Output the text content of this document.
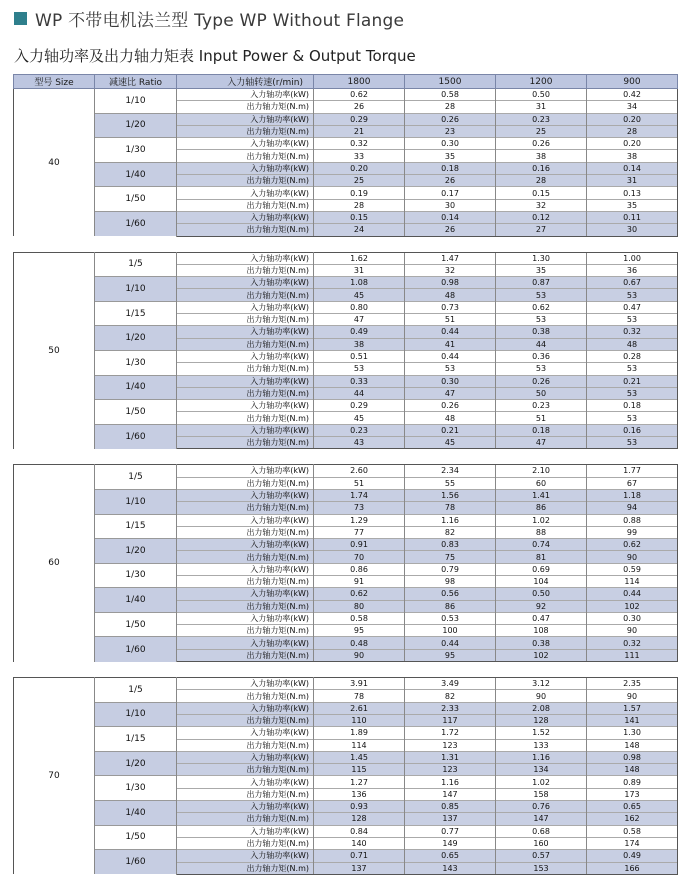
WP 不带电机法兰型 Type WP Without Flange
入力轴功率及出力轴力矩表 Input Power & Output Torque
型号 Size	减速比 Ratio	入力轴转速(r/min)	1800	1500	1200	900
40	1/10	入力轴功率(kW)	0.62	0.58	0.50	0.42
		出力轴力矩(N.m)	26	28	31	34
	1/20	入力轴功率(kW)	0.29	0.26	0.23	0.20
		出力轴力矩(N.m)	21	23	25	28
	1/30	入力轴功率(kW)	0.32	0.30	0.26	0.20
		出力轴力矩(N.m)	33	35	38	38
	1/40	入力轴功率(kW)	0.20	0.18	0.16	0.14
		出力轴力矩(N.m)	25	26	28	31
	1/50	入力轴功率(kW)	0.19	0.17	0.15	0.13
		出力轴力矩(N.m)	28	30	32	35
	1/60	入力轴功率(kW)	0.15	0.14	0.12	0.11
		出力轴力矩(N.m)	24	26	27	30

50	1/5	入力轴功率(kW)	1.62	1.47	1.30	1.00
		出力轴力矩(N.m)	31	32	35	36
	1/10	入力轴功率(kW)	1.08	0.98	0.87	0.67
		出力轴力矩(N.m)	45	48	53	53
	1/15	入力轴功率(kW)	0.80	0.73	0.62	0.47
		出力轴力矩(N.m)	47	51	53	53
	1/20	入力轴功率(kW)	0.49	0.44	0.38	0.32
		出力轴力矩(N.m)	38	41	44	48
	1/30	入力轴功率(kW)	0.51	0.44	0.36	0.28
		出力轴力矩(N.m)	53	53	53	53
	1/40	入力轴功率(kW)	0.33	0.30	0.26	0.21
		出力轴力矩(N.m)	44	47	50	53
	1/50	入力轴功率(kW)	0.29	0.26	0.23	0.18
		出力轴力矩(N.m)	45	48	51	53
	1/60	入力轴功率(kW)	0.23	0.21	0.18	0.16
		出力轴力矩(N.m)	43	45	47	53

60	1/5	入力轴功率(kW)	2.60	2.34	2.10	1.77
		出力轴力矩(N.m)	51	55	60	67
	1/10	入力轴功率(kW)	1.74	1.56	1.41	1.18
		出力轴力矩(N.m)	73	78	86	94
	1/15	入力轴功率(kW)	1.29	1.16	1.02	0.88
		出力轴力矩(N.m)	77	82	88	99
	1/20	入力轴功率(kW)	0.91	0.83	0.74	0.62
		出力轴力矩(N.m)	70	75	81	90
	1/30	入力轴功率(kW)	0.86	0.79	0.69	0.59
		出力轴力矩(N.m)	91	98	104	114
	1/40	入力轴功率(kW)	0.62	0.56	0.50	0.44
		出力轴力矩(N.m)	80	86	92	102
	1/50	入力轴功率(kW)	0.58	0.53	0.47	0.30
		出力轴力矩(N.m)	95	100	108	90
	1/60	入力轴功率(kW)	0.48	0.44	0.38	0.32
		出力轴力矩(N.m)	90	95	102	111

70	1/5	入力轴功率(kW)	3.91	3.49	3.12	2.35
		出力轴力矩(N.m)	78	82	90	90
	1/10	入力轴功率(kW)	2.61	2.33	2.08	1.57
		出力轴力矩(N.m)	110	117	128	141
	1/15	入力轴功率(kW)	1.89	1.72	1.52	1.30
		出力轴力矩(N.m)	114	123	133	148
	1/20	入力轴功率(kW)	1.45	1.31	1.16	0.98
		出力轴力矩(N.m)	115	123	134	148
	1/30	入力轴功率(kW)	1.27	1.16	1.02	0.89
		出力轴力矩(N.m)	136	147	158	173
	1/40	入力轴功率(kW)	0.93	0.85	0.76	0.65
		出力轴力矩(N.m)	128	137	147	162
	1/50	入力轴功率(kW)	0.84	0.77	0.68	0.58
		出力轴力矩(N.m)	140	149	160	174
	1/60	入力轴功率(kW)	0.71	0.65	0.57	0.49
		出力轴力矩(N.m)	137	143	153	166
